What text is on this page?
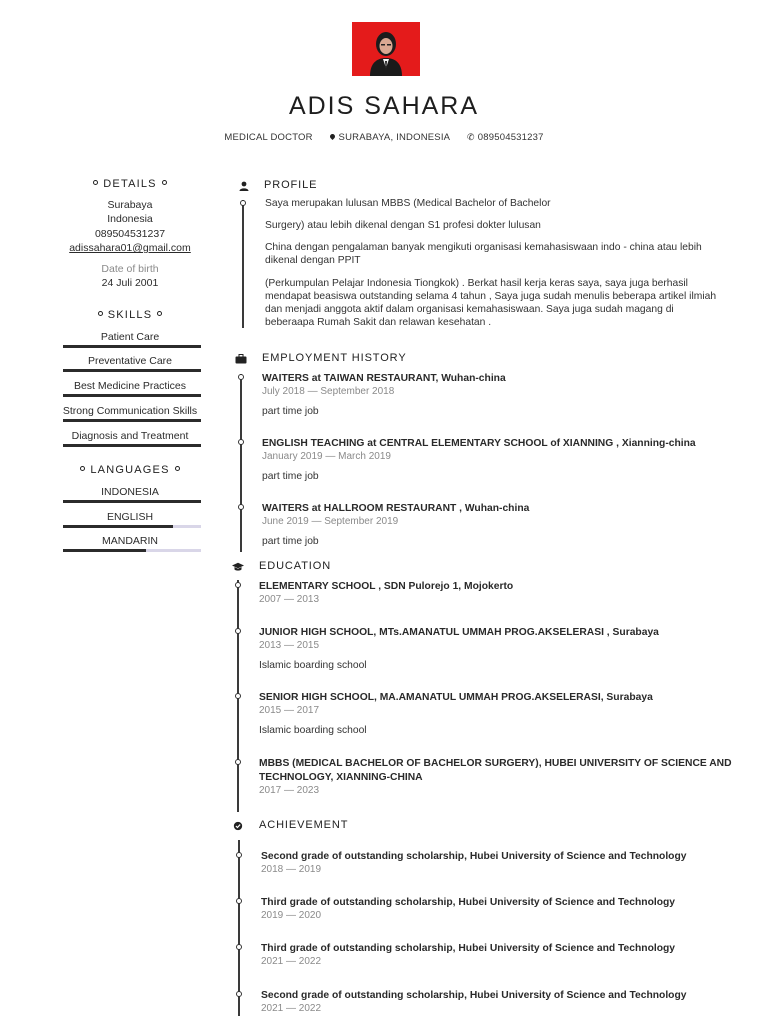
ADIS SAHARA
MEDICAL DOCTOR	SURABAYA, INDONESIA ✆ 089504531237
DETAILS
Surabaya
Indonesia
089504531237
adissahara01@gmail.com
Date of birth
24 Juli 2001
SKILLS
Patient Care
Preventative Care
Best Medicine Practices
Strong Communication Skills
Diagnosis and Treatment
LANGUAGES
INDONESIA
ENGLISH
MANDARIN
PROFILE
Saya merupakan lulusan MBBS (Medical Bachelor of Bachelor
Surgery) atau lebih dikenal dengan S1 profesi dokter lulusan
China dengan pengalaman banyak mengikuti organisasi kemahasiswaan indo - china atau lebih dikenal dengan PPIT
(Perkumpulan Pelajar Indonesia Tiongkok) . Berkat hasil kerja keras saya, saya juga berhasil mendapat beasiswa outstanding selama 4 tahun , Saya juga sudah menulis beberapa artikel ilmiah dan menjadi anggota aktif dalam organisasi kemahasiswaan. Saya juga sudah magang di beberaapa Rumah Sakit dan relawan kesehatan .
EMPLOYMENT HISTORY
WAITERS at TAIWAN RESTAURANT, Wuhan-china
July 2018 — September 2018
part time job
ENGLISH TEACHING at CENTRAL ELEMENTARY SCHOOL of XIANNING , Xianning-china
January 2019 — March 2019
part time job
WAITERS at HALLROOM RESTAURANT , Wuhan-china
June 2019 — September 2019
part time job
EDUCATION
ELEMENTARY SCHOOL , SDN Pulorejo 1, Mojokerto
2007 — 2013
JUNIOR HIGH SCHOOL, MTs.AMANATUL UMMAH PROG.AKSELERASI , Surabaya
2013 — 2015
Islamic boarding school
SENIOR HIGH SCHOOL, MA.AMANATUL UMMAH PROG.AKSELERASI, Surabaya
2015 — 2017
Islamic boarding school
MBBS (MEDICAL BACHELOR OF BACHELOR SURGERY), HUBEI UNIVERSITY OF SCIENCE AND TECHNOLOGY, XIANNING-CHINA
2017 — 2023
ACHIEVEMENT
Second grade of outstanding scholarship, Hubei University of Science and Technology
2018 — 2019
Third grade of outstanding scholarship, Hubei University of Science and Technology
2019 — 2020
Third grade of outstanding scholarship, Hubei University of Science and Technology
2021 — 2022
Second grade of outstanding scholarship, Hubei University of Science and Technology
2021 — 2022
